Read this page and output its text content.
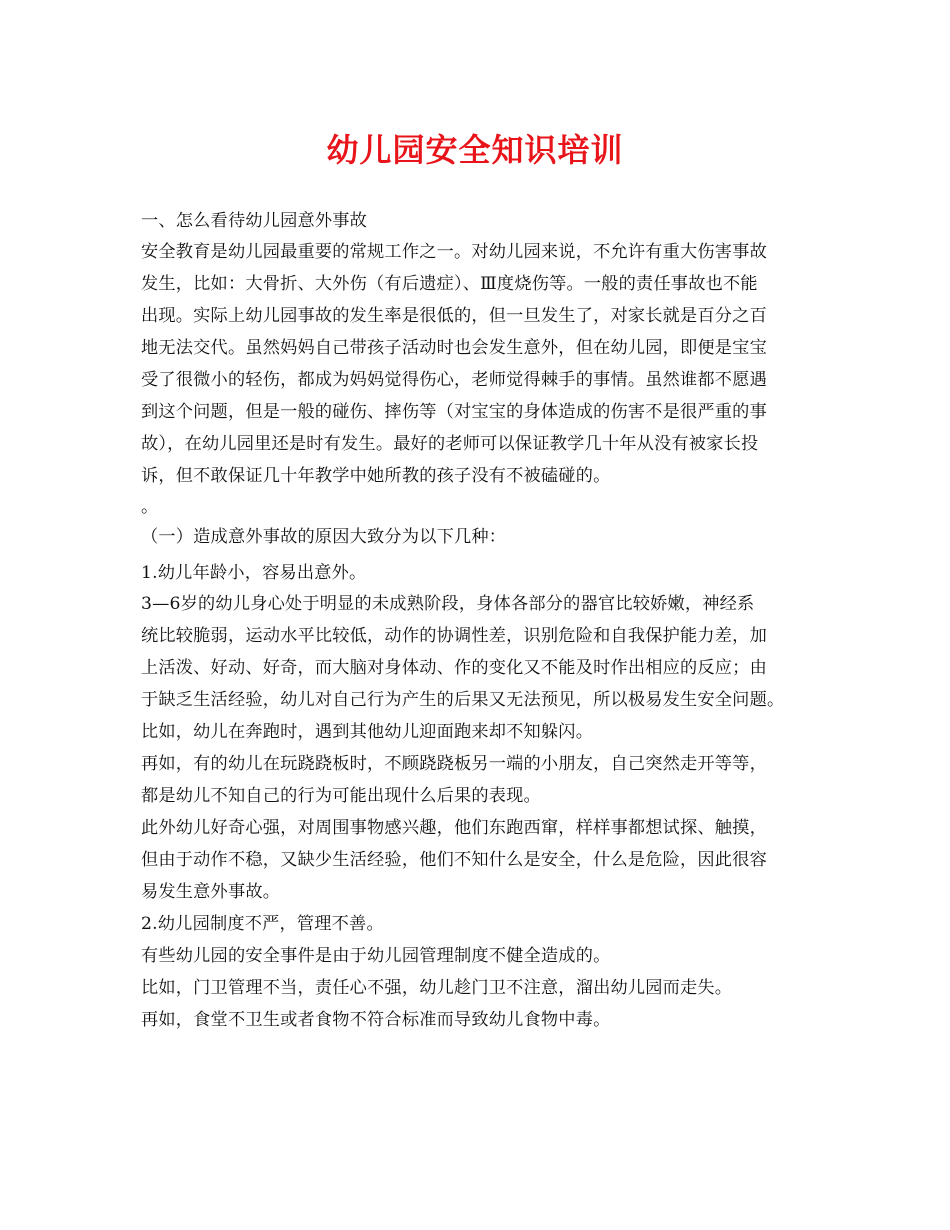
幼儿园安全知识培训
一、怎么看待幼儿园意外事故
安全教育是幼儿园最重要的常规工作之一。对幼儿园来说，不允许有重大伤害事故
发生，比如：大骨折、大外伤（有后遗症）、Ⅲ度烧伤等。一般的责任事故也不能
出现。实际上幼儿园事故的发生率是很低的，但一旦发生了，对家长就是百分之百
地无法交代。虽然妈妈自己带孩子活动时也会发生意外，但在幼儿园，即便是宝宝
受了很微小的轻伤，都成为妈妈觉得伤心，老师觉得棘手的事情。虽然谁都不愿遇
到这个问题，但是一般的碰伤、摔伤等（对宝宝的身体造成的伤害不是很严重的事
故），在幼儿园里还是时有发生。最好的老师可以保证教学几十年从没有被家长投
诉，但不敢保证几十年教学中她所教的孩子没有不被磕碰的。
。
（一）造成意外事故的原因大致分为以下几种：
1.幼儿年龄小，容易出意外。
3—6岁的幼儿身心处于明显的未成熟阶段，身体各部分的器官比较娇嫩，神经系
统比较脆弱，运动水平比较低，动作的协调性差，识别危险和自我保护能力差，加
上活泼、好动、好奇，而大脑对身体动、作的变化又不能及时作出相应的反应；由
于缺乏生活经验，幼儿对自己行为产生的后果又无法预见，所以极易发生安全问题。
比如，幼儿在奔跑时，遇到其他幼儿迎面跑来却不知躲闪。
再如，有的幼儿在玩跷跷板时，不顾跷跷板另一端的小朋友，自己突然走开等等，
都是幼儿不知自己的行为可能出现什么后果的表现。
此外幼儿好奇心强，对周围事物感兴趣，他们东跑西窜，样样事都想试探、触摸，
但由于动作不稳，又缺少生活经验，他们不知什么是安全，什么是危险，因此很容
易发生意外事故。
2.幼儿园制度不严，管理不善。
有些幼儿园的安全事件是由于幼儿园管理制度不健全造成的。
比如，门卫管理不当，责任心不强，幼儿趁门卫不注意，溜出幼儿园而走失。
再如，食堂不卫生或者食物不符合标准而导致幼儿食物中毒。
